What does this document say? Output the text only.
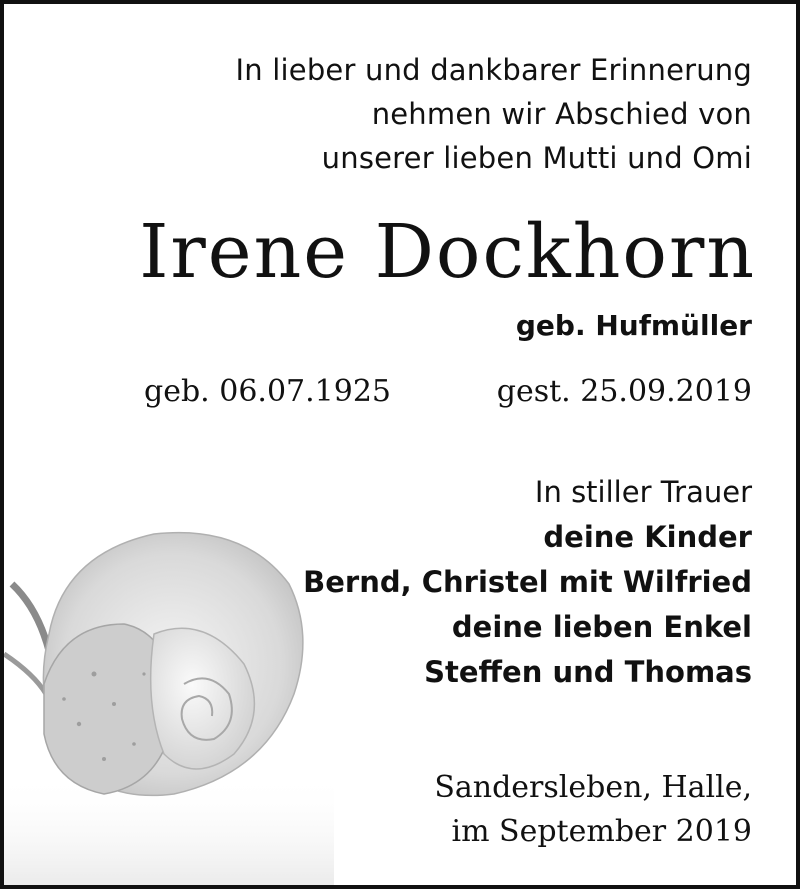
In lieber und dankbarer Erinnerung
nehmen wir Abschied von
unserer lieben Mutti und Omi
Irene Dockhorn
geb. Hufmüller
geb. 06.07.1925	gest. 25.09.2019
In stiller Trauer
deine Kinder
Bernd, Christel mit Wilfried
deine lieben Enkel
Steffen und Thomas
Sandersleben, Halle,
im September 2019
